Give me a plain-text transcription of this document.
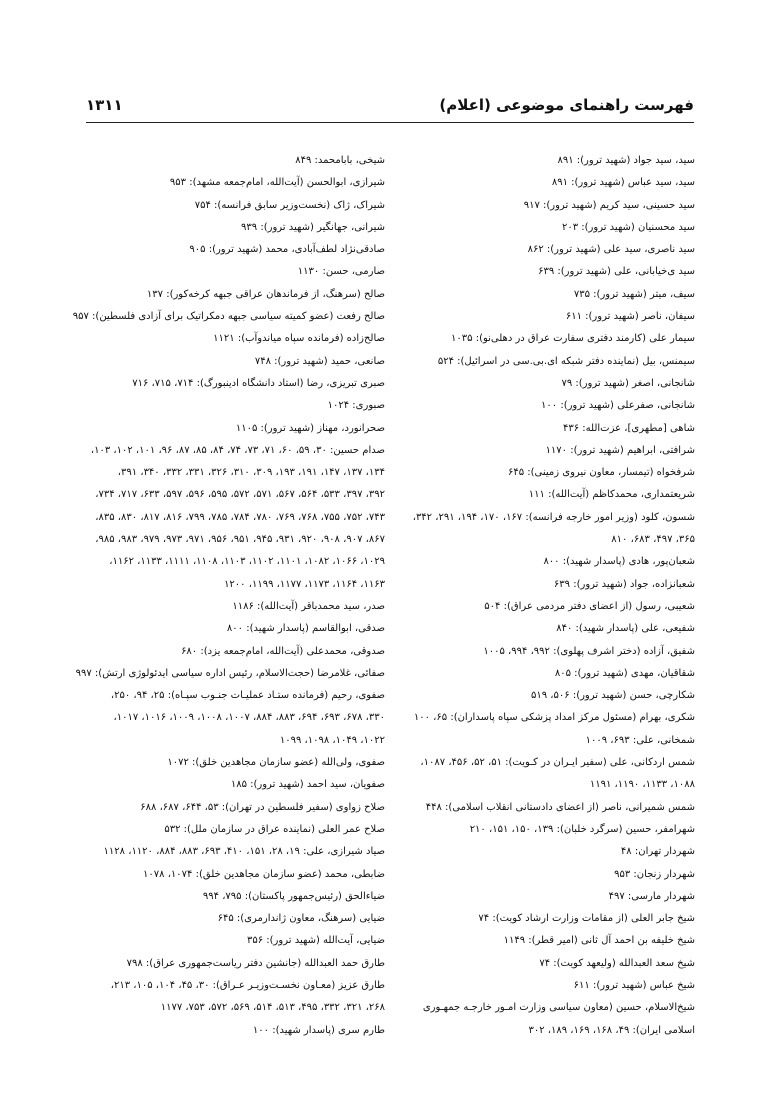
فهرست راهنمای موضوعی (اعلام)
۱۳۱۱

سید، سید جواد (شهید ترور): ۸۹۱

سید، سید عباس (شهید ترور): ۸۹۱

سید حسینی، سید کریم (شهید ترور): ۹۱۷

سید محسنیان (شهید ترور): ۲۰۳

سید ناصری، سید علی (شهید ترور): ۸۶۲

سید ی‌خیابانی، علی (شهید ترور): ۶۳۹

سیف، میتر (شهید ترور): ۷۳۵

سیفان، ناصر (شهید ترور): ۶۱۱

سیمار علی (کارمند دفتری سفارت عراق در دهلی‌نو): ۱۰۳۵

سیمنس، بیل (نماینده دفتر شبکه ای.بی.سی در اسرائیل): ۵۲۴

شانجانی، اصغر (شهید ترور): ۷۹

شانجانی، صفرعلی (شهید ترور): ۱۰۰

شاهی [مطهری]، عزت‌الله: ۴۳۶

شرافتی، ابراهیم (شهید ترور): ۱۱۷۰

شرفخواه (تیمسار، معاون نیروی زمینی): ۶۴۵

شریعتمداری، محمدکاظم (آیت‌الله): ۱۱۱

شسون، کلود (وزیر امور خارجه فرانسه): ۱۶۷، ۱۷۰، ۱۹۴، ۲۹۱، ۳۴۲،

۳۶۵، ۴۹۷، ۶۸۳، ۸۱۰

شعبان‌پور، هادی (پاسدار شهید): ۸۰۰

شعبانزاده، جواد (شهید ترور): ۶۳۹

شعیبی، رسول (از اعضای دفتر مردمی عراق): ۵۰۴

شفیعی، علی (پاسدار شهید): ۸۴۰

شفیق، آزاده (دختر اشرف پهلوی): ۹۹۲، ۹۹۴، ۱۰۰۵

شقاقیان، مهدی (شهید ترور): ۸۰۵

شکارچی، حسن (شهید ترور): ۵۰۶، ۵۱۹

شکری، بهرام (مسئول مرکز امداد پزشکی سپاه پاسداران): ۶۵، ۱۰۰

شمخانی، علی: ۶۹۳، ۱۰۰۹

شمس اردکانی، علی (سفیر ایـران در کـویت): ۵۱، ۵۲، ۴۵۶، ۱۰۸۷،

۱۰۸۸، ۱۱۳۳، ۱۱۹۰، ۱۱۹۱

شمس شمیرانی، ناصر (از اعضای دادستانی انقلاب اسلامی): ۴۴۸

شهرامفر، حسین (سرگرد خلبان): ۱۳۹، ۱۵۰، ۱۵۱، ۲۱۰

شهردار تهران: ۴۸

شهردار زنجان: ۹۵۳

شهردار مارسی: ۴۹۷

شیخ جابر العلی (از مقامات وزارت ارشاد کویت): ۷۴

شیخ خلیفه بن احمد آل ثانی (امیر قطر): ۱۱۴۹

شیخ سعد العبدالله (ولیعهد کویت): ۷۴

شیخ عباس (شهید ترور): ۶۱۱

شیخ‌الاسلام، حسین (معاون سیاسی وزارت امـور خارجـه جمهـوری

اسلامی ایران): ۴۹، ۱۶۸، ۱۶۹، ۱۸۹، ۳۰۲

شیخی، بابامحمد: ۸۴۹

شیرازی، ابوالحسن (آیت‌الله، امام‌جمعه مشهد): ۹۵۳

شیراک، ژاک (نخست‌وزیر سابق فرانسه): ۷۵۴

شیرانی، جهانگیر (شهید ترور): ۹۳۹

صادقی‌نژاد لطف‌آبادی، محمد (شهید ترور): ۹۰۵

صارمی، حسن: ۱۱۳۰

صالح (سرهنگ، از فرماندهان عراقی جبهه کرخه‌کور): ۱۳۷

صالح رفعت (عضو کمیته سیاسی جبهه دمکراتیک برای آزادی فلسطین): ۹۵۷

صالح‌زاده (فرمانده سپاه میاندوآب): ۱۱۲۱

صانعی، حمید (شهید ترور): ۷۴۸

صبری تبریزی، رضا (استاد دانشگاه ادینبورگ): ۷۱۴، ۷۱۵، ۷۱۶

صبوری: ۱۰۲۴

صحرانورد، مهناز (شهید ترور): ۱۱۰۵

صدام حسین: ۳۰، ۵۹، ۶۰، ۷۱، ۷۳، ۷۴، ۸۴، ۸۵، ۸۷، ۹۶، ۱۰۱، ۱۰۲، ۱۰۳،

۱۳۴، ۱۳۷، ۱۴۷، ۱۹۱، ۱۹۳، ۳۰۹، ۳۱۰، ۳۲۶، ۳۳۱، ۳۳۲، ۳۴۰، ۳۹۱،

۳۹۲، ۳۹۷، ۵۳۳، ۵۶۴، ۵۶۷، ۵۷۱، ۵۷۲، ۵۹۵، ۵۹۶، ۵۹۷، ۶۳۳، ۷۱۷، ۷۳۴،

۷۴۳، ۷۵۲، ۷۵۵، ۷۶۸، ۷۶۹، ۷۸۰، ۷۸۴، ۷۸۵، ۷۹۹، ۸۱۶، ۸۱۷، ۸۳۰، ۸۳۵،

۸۶۷، ۹۰۷، ۹۰۸، ۹۲۰، ۹۳۱، ۹۴۵، ۹۵۱، ۹۵۶، ۹۷۱، ۹۷۳، ۹۷۹، ۹۸۳، ۹۸۵،

۱۰۲۹، ۱۰۶۶، ۱۰۸۲، ۱۱۰۱، ۱۱۰۲، ۱۱۰۳، ۱۱۰۸، ۱۱۱۱، ۱۱۳۳، ۱۱۶۲،

۱۱۶۳، ۱۱۶۴، ۱۱۷۳، ۱۱۷۷، ۱۱۹۹، ۱۲۰۰

صدر، سید محمدباقر (آیت‌الله): ۱۱۸۶

صدقی، ابوالقاسم (پاسدار شهید): ۸۰۰

صدوقی، محمدعلی (آیت‌الله، امام‌جمعه یزد): ۶۸۰

صفائی، غلامرضا (حجت‌الاسلام، رئیس اداره سیاسی ایدئولوژی ارتش): ۹۹۷

صفوی، رحیم (فرمانده ستـاد عملیـات جنـوب سپـاه): ۲۵، ۹۴، ۲۵۰،

۳۳۰، ۶۷۸، ۶۹۳، ۶۹۴، ۸۸۳، ۸۸۴، ۱۰۰۷، ۱۰۰۸، ۱۰۰۹، ۱۰۱۶، ۱۰۱۷،

۱۰۲۲، ۱۰۴۹، ۱۰۹۸، ۱۰۹۹

صفوی، ولی‌الله (عضو سازمان مجاهدین خلق): ۱۰۷۲

صفویان، سید احمد (شهید ترور): ۱۸۵

صلاح زواوی (سفیر فلسطین در تهران): ۵۳، ۶۴۴، ۶۸۷، ۶۸۸

صلاح عمر العلی (نماینده عراق در سازمان ملل): ۵۳۲

صیاد شیرازی، علی: ۱۹، ۲۸، ۱۵۱، ۴۱۰، ۶۹۳، ۸۸۳، ۸۸۴، ۱۱۲۰، ۱۱۲۸

ضابطی، محمد (عضو سازمان مجاهدین خلق): ۱۰۷۴، ۱۰۷۸

ضیاءالحق (رئیس‌جمهور پاکستان): ۷۹۵، ۹۹۴

ضیایی (سرهنگ، معاون ژاندارمری): ۶۴۵

ضیایی، آیت‌الله (شهید ترور): ۳۵۶

طارق حمد العبدالله (جانشین دفتر ریاست‌جمهوری عراق): ۷۹۸

طارق عزیز (معـاون نخسـت‌وزیـر عـراق): ۳۰، ۴۵، ۱۰۴، ۱۰۵، ۲۱۳،

۲۶۸، ۳۲۱، ۳۳۲، ۴۹۵، ۵۱۳، ۵۱۴، ۵۶۹، ۵۷۲، ۷۵۳، ۱۱۷۷

طارم سری (پاسدار شهید): ۱۰۰
